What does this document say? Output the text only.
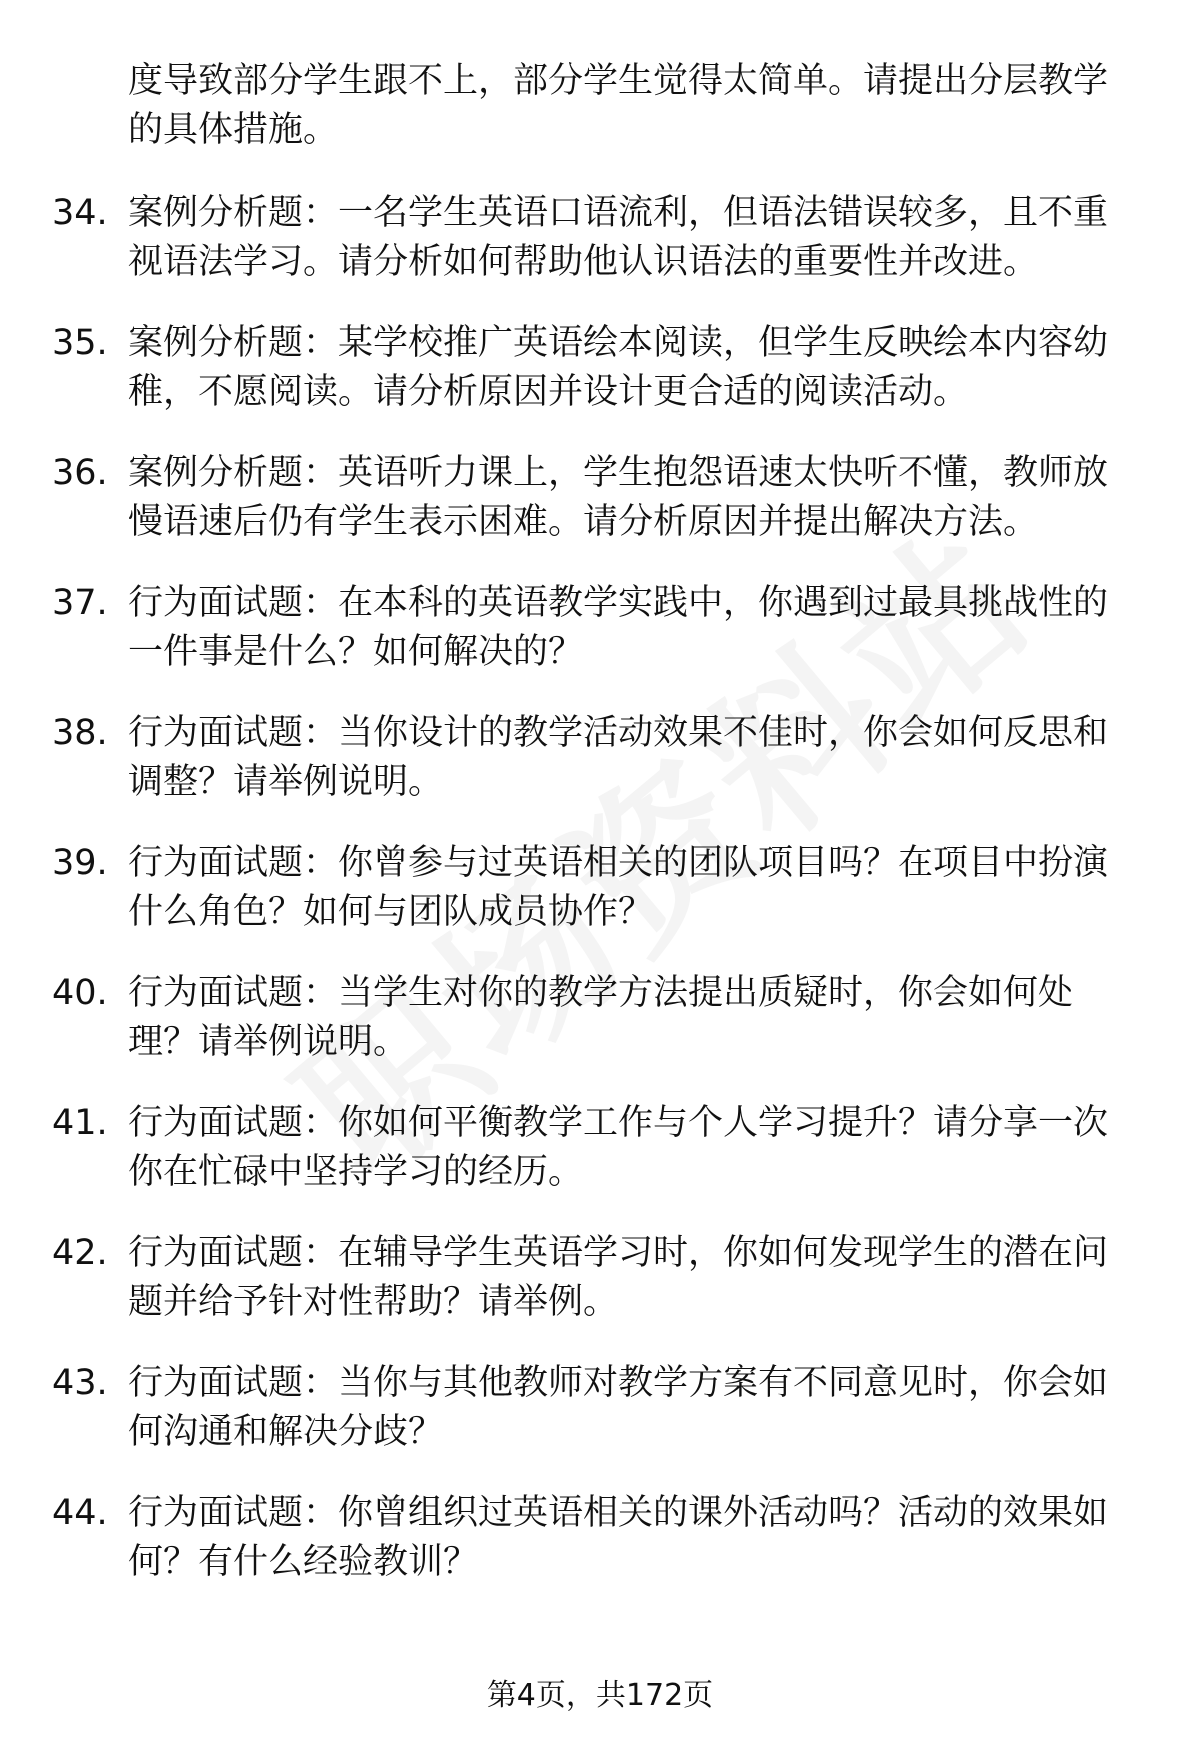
度导致部分学生跟不上，部分学生觉得太简单。请提出分层教学的具体措施。

34. 案例分析题：一名学生英语口语流利，但语法错误较多，且不重视语法学习。请分析如何帮助他认识语法的重要性并改进。
35. 案例分析题：某学校推广英语绘本阅读，但学生反映绘本内容幼稚，不愿阅读。请分析原因并设计更合适的阅读活动。
36. 案例分析题：英语听力课上，学生抱怨语速太快听不懂，教师放慢语速后仍有学生表示困难。请分析原因并提出解决方法。
37. 行为面试题：在本科的英语教学实践中，你遇到过最具挑战性的一件事是什么？如何解决的？
38. 行为面试题：当你设计的教学活动效果不佳时，你会如何反思和调整？请举例说明。
39. 行为面试题：你曾参与过英语相关的团队项目吗？在项目中扮演什么角色？如何与团队成员协作？
40. 行为面试题：当学生对你的教学方法提出质疑时，你会如何处理？请举例说明。
41. 行为面试题：你如何平衡教学工作与个人学习提升？请分享一次你在忙碌中坚持学习的经历。
42. 行为面试题：在辅导学生英语学习时，你如何发现学生的潜在问题并给予针对性帮助？请举例。
43. 行为面试题：当你与其他教师对教学方案有不同意见时，你会如何沟通和解决分歧？
44. 行为面试题：你曾组织过英语相关的课外活动吗？活动的效果如何？有什么经验教训？
第4页，共172页
